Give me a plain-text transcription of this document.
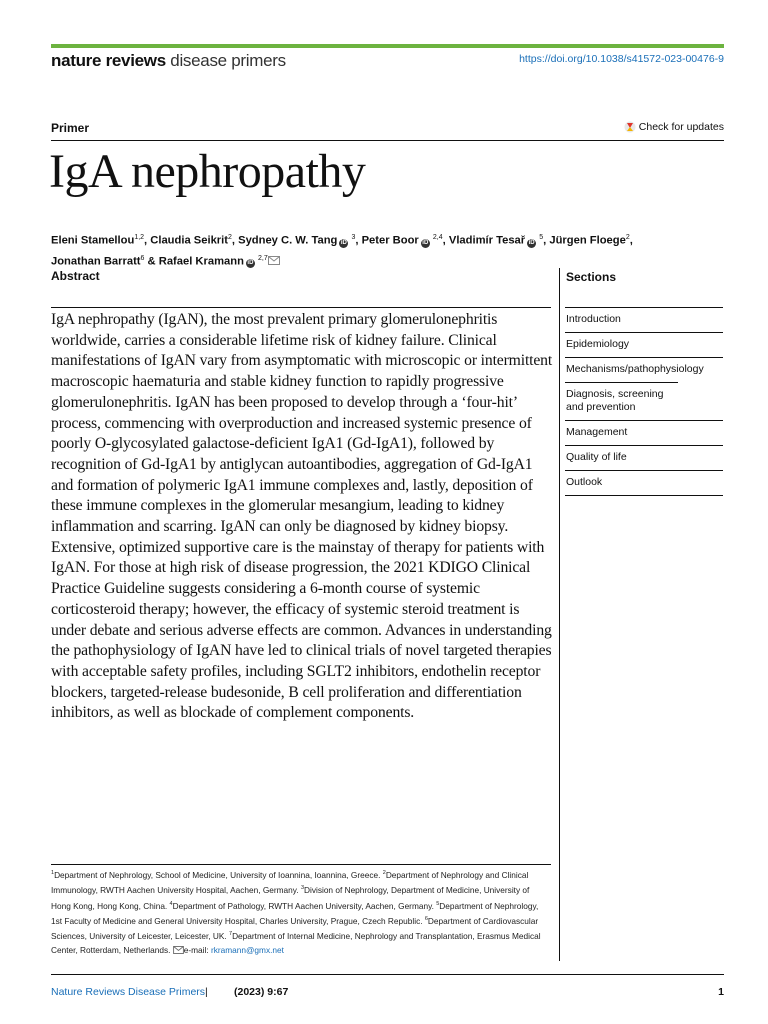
nature reviews disease primers	https://doi.org/10.1038/s41572-023-00476-9
Primer	Check for updates
IgA nephropathy
Eleni Stamellou$^{1,2}$, Claudia Seikrit$^2$, Sydney C. W. Tang iD $^3$, Peter Boor iD $^{2,4}$, Vladimír Tesař iD $^5$, Jürgen Floege$^2$,
Jonathan Barratt$^6$ & Rafael Kramann iD $^{2,7}$
Abstract	Sections
IgA nephropathy (IgAN), the most prevalent primary glomerulonephritis worldwide, carries a considerable lifetime risk of kidney failure. Clinical manifestations of IgAN vary from asymptomatic with microscopic or intermittent macroscopic haematuria and stable kidney function to rapidly progressive glomerulonephritis. IgAN has been proposed to develop through a ‘four-hit’ process, commencing with overproduction and increased systemic presence of poorly O-glycosylated galactose-deficient IgA1 (Gd-IgA1), followed by recognition of Gd-IgA1 by antiglycan autoantibodies, aggregation of Gd-IgA1 and formation of polymeric IgA1 immune complexes and, lastly, deposition of these immune complexes in the glomerular mesangium, leading to kidney inflammation and scarring. IgAN can only be diagnosed by kidney biopsy. Extensive, optimized supportive care is the mainstay of therapy for patients with IgAN. For those at high risk of disease progression, the 2021 KDIGO Clinical Practice Guideline suggests considering a 6-month course of systemic corticosteroid therapy; however, the efficacy of systemic steroid treatment is under debate and serious adverse effects are common. Advances in understanding the pathophysiology of IgAN have led to clinical trials of novel targeted therapies with acceptable safety profiles, including SGLT2 inhibitors, endothelin receptor blockers, targeted-release budesonide, B cell proliferation and differentiation inhibitors, as well as blockade of complement components.
Introduction
Epidemiology
Mechanisms/pathophysiology
Diagnosis, screening and prevention
Management
Quality of life
Outlook
$^1$Department of Nephrology, School of Medicine, University of Ioannina, Ioannina, Greece. $^2$Department of Nephrology and Clinical Immunology, RWTH Aachen University Hospital, Aachen, Germany. $^3$Division of Nephrology, Department of Medicine, University of Hong Kong, Hong Kong, China. $^4$Department of Pathology, RWTH Aachen University, Aachen, Germany. $^5$Department of Nephrology, 1st Faculty of Medicine and General University Hospital, Charles University, Prague, Czech Republic. $^6$Department of Cardiovascular Sciences, University of Leicester, Leicester, UK. $^7$Department of Internal Medicine, Nephrology and Transplantation, Erasmus Medical Center, Rotterdam, Netherlands. e-mail: rkramann@gmx.net
Nature Reviews Disease Primers |	(2023) 9:67	1
